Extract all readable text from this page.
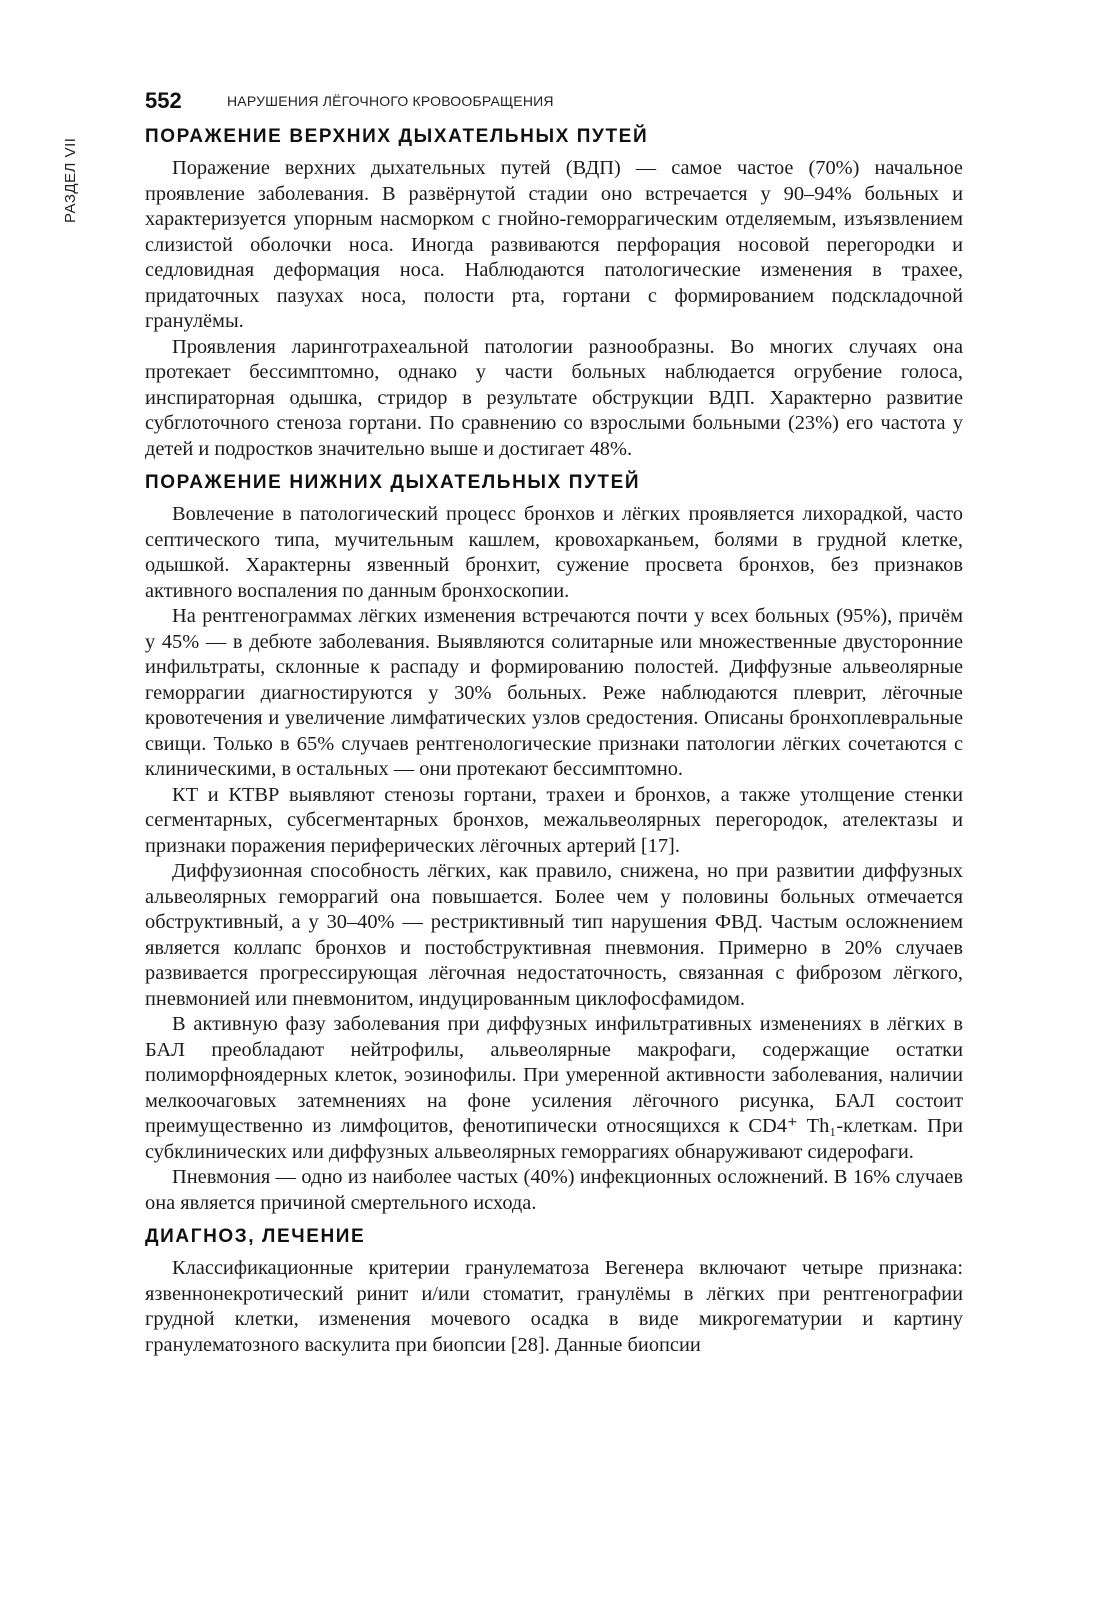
РАЗДЕЛ VII
552	НАРУШЕНИЯ ЛЁГОЧНОГО КРОВООБРАЩЕНИЯ
ПОРАЖЕНИЕ ВЕРХНИХ ДЫХАТЕЛЬНЫХ ПУТЕЙ

Поражение верхних дыхательных путей (ВДП) — самое частое (70%) начальное проявление заболевания. В развёрнутой стадии оно встречается у 90–94% больных и характеризуется упорным насморком с гнойно-геморрагическим отделяемым, изъязвлением слизистой оболочки носа. Иногда развиваются перфорация носовой перегородки и седловидная деформация носа. Наблюдаются патологические изменения в трахее, придаточных пазухах носа, полости рта, гортани с формированием подскладочной гранулёмы.

Проявления ларинготрахеальной патологии разнообразны. Во многих случаях она протекает бессимптомно, однако у части больных наблюдается огрубение голоса, инспираторная одышка, стридор в результате обструкции ВДП. Характерно развитие субглоточного стеноза гортани. По сравнению со взрослыми больными (23%) его частота у детей и подростков значительно выше и достигает 48%.

ПОРАЖЕНИЕ НИЖНИХ ДЫХАТЕЛЬНЫХ ПУТЕЙ

Вовлечение в патологический процесс бронхов и лёгких проявляется лихорадкой, часто септического типа, мучительным кашлем, кровохарканьем, болями в грудной клетке, одышкой. Характерны язвенный бронхит, сужение просвета бронхов, без признаков активного воспаления по данным бронхоскопии.

На рентгенограммах лёгких изменения встречаются почти у всех больных (95%), причём у 45% — в дебюте заболевания. Выявляются солитарные или множественные двусторонние инфильтраты, склонные к распаду и формированию полостей. Диффузные альвеолярные геморрагии диагностируются у 30% больных. Реже наблюдаются плеврит, лёгочные кровотечения и увеличение лимфатических узлов средостения. Описаны бронхоплевральные свищи. Только в 65% случаев рентгенологические признаки патологии лёгких сочетаются с клиническими, в остальных — они протекают бессимптомно.

КТ и КТВР выявляют стенозы гортани, трахеи и бронхов, а также утолщение стенки сегментарных, субсегментарных бронхов, межальвеолярных перегородок, ателектазы и признаки поражения периферических лёгочных артерий [17].

Диффузионная способность лёгких, как правило, снижена, но при развитии диффузных альвеолярных геморрагий она повышается. Более чем у половины больных отмечается обструктивный, а у 30–40% — рестриктивный тип нарушения ФВД. Частым осложнением является коллапс бронхов и постобструктивная пневмония. Примерно в 20% случаев развивается прогрессирующая лёгочная недостаточность, связанная с фиброзом лёгкого, пневмонией или пневмонитом, индуцированным циклофосфамидом.

В активную фазу заболевания при диффузных инфильтративных изменениях в лёгких в БАЛ преобладают нейтрофилы, альвеолярные макрофаги, содержащие остатки полиморфноядерных клеток, эозинофилы. При умеренной активности заболевания, наличии мелкоочаговых затемнениях на фоне усиления лёгочного рисунка, БАЛ состоит преимущественно из лимфоцитов, фенотипически относящихся к CD4⁺ Th₁-клеткам. При субклинических или диффузных альвеолярных геморрагиях обнаруживают сидерофаги.

Пневмония — одно из наиболее частых (40%) инфекционных осложнений. В 16% случаев она является причиной смертельного исхода.

ДИАГНОЗ, ЛЕЧЕНИЕ

Классификационные критерии гранулематоза Вегенера включают четыре признака: язвеннонекротический ринит и/или стоматит, гранулёмы в лёгких при рентгенографии грудной клетки, изменения мочевого осадка в виде микрогематурии и картину гранулематозного васкулита при биопсии [28]. Данные биопсии
